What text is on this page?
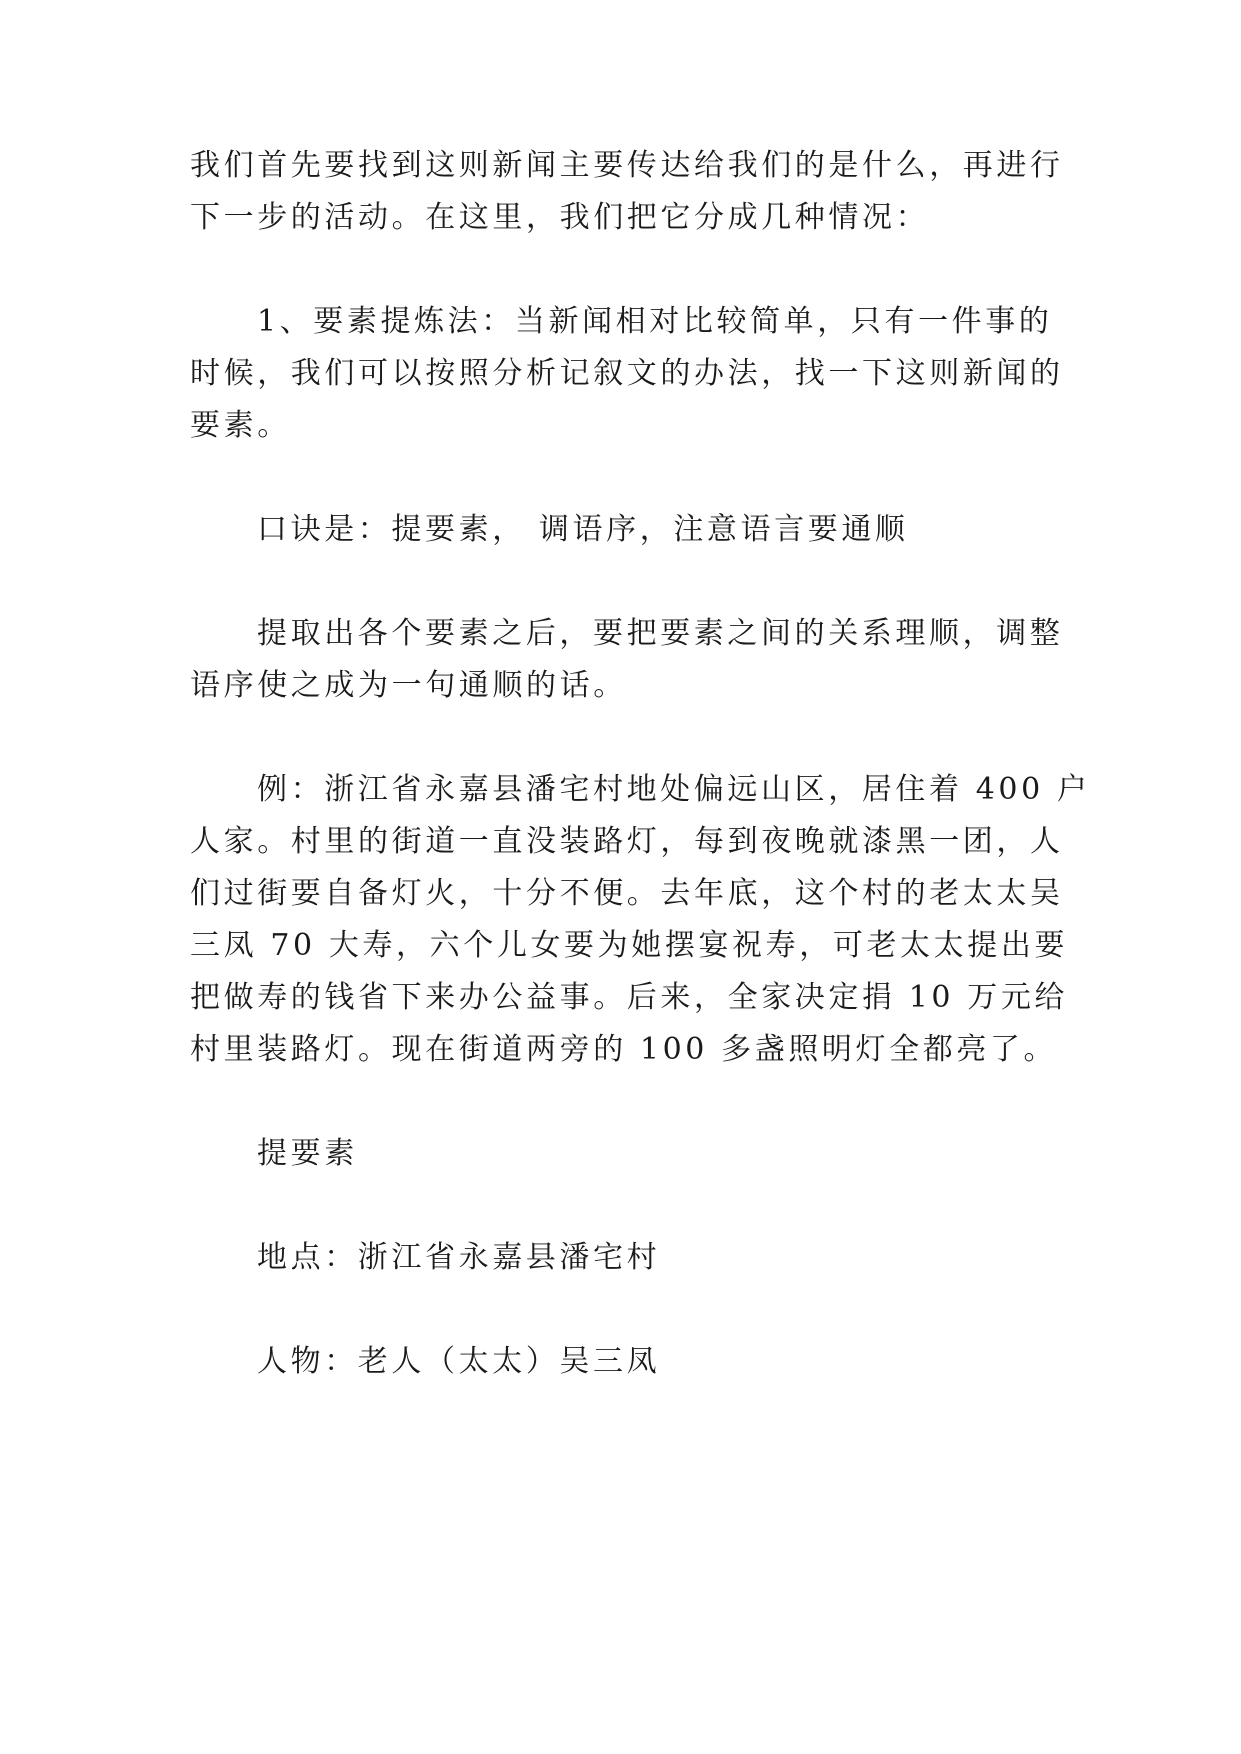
我们首先要找到这则新闻主要传达给我们的是什么，再进行
下一步的活动。在这里，我们把它分成几种情况：
1、要素提炼法：当新闻相对比较简单，只有一件事的
时候，我们可以按照分析记叙文的办法，找一下这则新闻的
要素。
口诀是：提要素， 调语序，注意语言要通顺
提取出各个要素之后，要把要素之间的关系理顺，调整
语序使之成为一句通顺的话。
例：浙江省永嘉县潘宅村地处偏远山区，居住着 400 户
人家。村里的街道一直没装路灯，每到夜晚就漆黑一团，人
们过街要自备灯火，十分不便。去年底，这个村的老太太吴
三凤 70 大寿，六个儿女要为她摆宴祝寿，可老太太提出要
把做寿的钱省下来办公益事。后来，全家决定捐 10 万元给
村里装路灯。现在街道两旁的 100 多盏照明灯全都亮了。
提要素
地点：浙江省永嘉县潘宅村
人物：老人（太太）吴三凤
